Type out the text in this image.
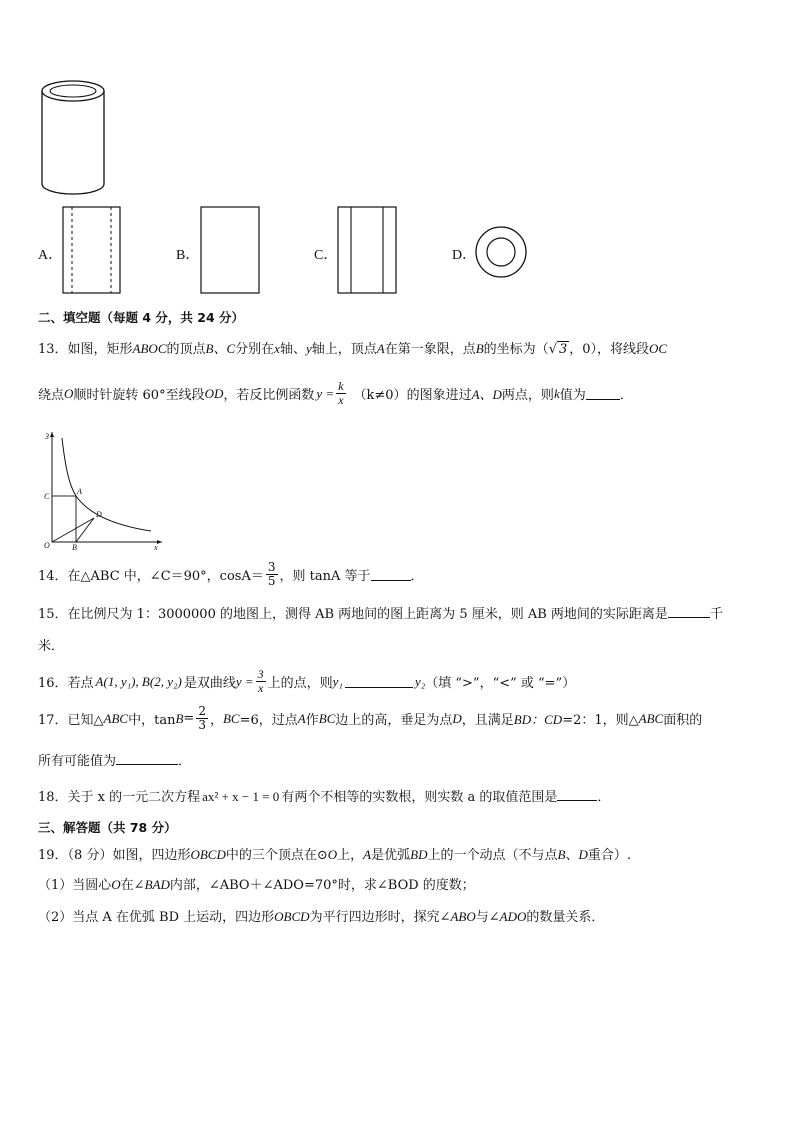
A．	B．	C．	D．
二、填空题（每题 4 分，共 24 分）
13．如图，矩形ABOC的顶点B、C分别在x轴、y轴上，顶点A在第一象限，点B的坐标为（√ 3 ，0），将线段OC
绕点 O 顺时针旋转 60°至线段 OD ，若反比例函数 $y = \frac{k}{x} (k\ne 0)$ 的图象进过 A、D 两点，则 k 值为	．
3
C
A
D
O	B	x
14．在△ABC 中，∠C＝90°，$\cos A= \frac{3}{5}$ ，则 tanA 等于	．
15．在比例尺为 1：3000000 的地图上，测得 AB 两地间的图上距离为 5 厘米，则 AB 两地间的实际距离是	千
米．
16．若点 A(1, y₁), B(2, y₂) 是双曲线 $y = \frac{3}{x}$ 上的点，则 y₁	y₂ （填 “>”，“<” 或 “=”）
17．已知△ ABC 中，$\tan B = \frac{2}{3}$ ， BC =6，过点 A 作 BC 边上的高，垂足为点 D ，且满足 BD：CD =2：1，则△ ABC 面积的
所有可能值为	．
18．关于 x 的一元二次方程 ax² + x − 1 = 0 有两个不相等的实数根，则实数 a 的取值范围是	．
三、解答题（共 78 分）
19．（8 分）如图，四边形OBCD中的三个顶点在⊙O上，A是优弧BD上的一个动点（不与点B、D重合）.
（1）当圆心O在∠BAD内部，∠ABO＋∠ADO=70°时，求∠BOD 的度数；
（2）当点 A 在优弧 BD 上运动，四边形OBCD为平行四边形时，探究∠ABO与∠ADO的数量关系．
